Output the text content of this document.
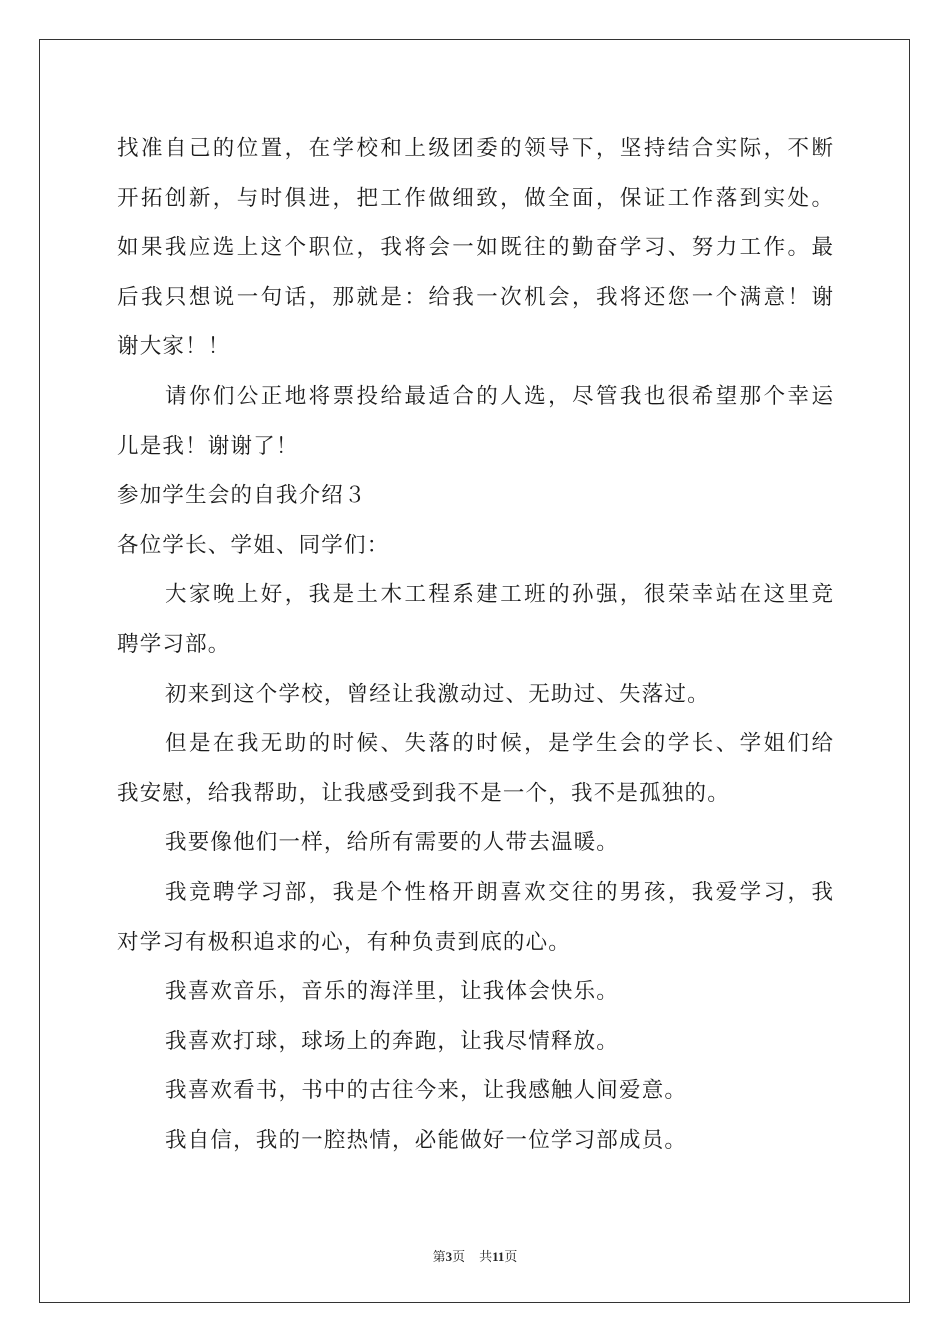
找准自己的位置，在学校和上级团委的领导下，坚持结合实际，不断
开拓创新，与时俱进，把工作做细致，做全面，保证工作落到实处。
如果我应选上这个职位，我将会一如既往的勤奋学习、努力工作。最
后我只想说一句话，那就是：给我一次机会，我将还您一个满意！谢
谢大家！！
请你们公正地将票投给最适合的人选，尽管我也很希望那个幸运
儿是我！谢谢了！
参加学生会的自我介绍３
各位学长、学姐、同学们：
大家晚上好，我是土木工程系建工班的孙强，很荣幸站在这里竞
聘学习部。
初来到这个学校，曾经让我激动过、无助过、失落过。
但是在我无助的时候、失落的时候，是学生会的学长、学姐们给
我安慰，给我帮助，让我感受到我不是一个，我不是孤独的。
我要像他们一样，给所有需要的人带去温暖。
我竞聘学习部，我是个性格开朗喜欢交往的男孩，我爱学习，我
对学习有极积追求的心，有种负责到底的心。
我喜欢音乐，音乐的海洋里，让我体会快乐。
我喜欢打球，球场上的奔跑，让我尽情释放。
我喜欢看书，书中的古往今来，让我感触人间爱意。
我自信，我的一腔热情，必能做好一位学习部成员。
第3页 共11页
